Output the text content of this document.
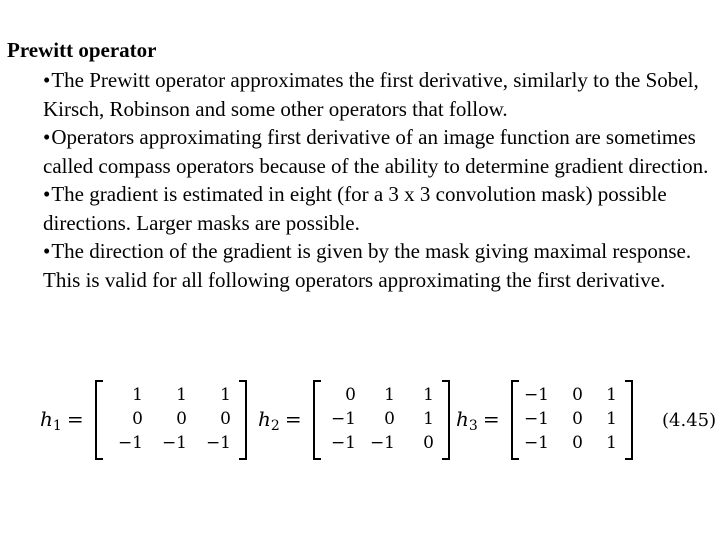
Prewitt operator

•The Prewitt operator approximates the first derivative, similarly to the Sobel, Kirsch, Robinson and some other operators that follow.

•Operators approximating first derivative of an image function are sometimes called compass operators because of the ability to determine gradient direction.

•The gradient is estimated in eight (for a 3 x 3 convolution mask) possible directions. Larger masks are possible.

•The direction of the gradient is given by the mask giving maximal response. This is valid for all following operators approximating the first derivative.

$h_1$ =
1	1	1
0	0	0
−1	−1	−1
$h_2$ =
0	1	1
−1	0	1
−1 −1	0
$h_3$ =
−1	0	1
−1	0	1
−1	0	1
(4.45)
